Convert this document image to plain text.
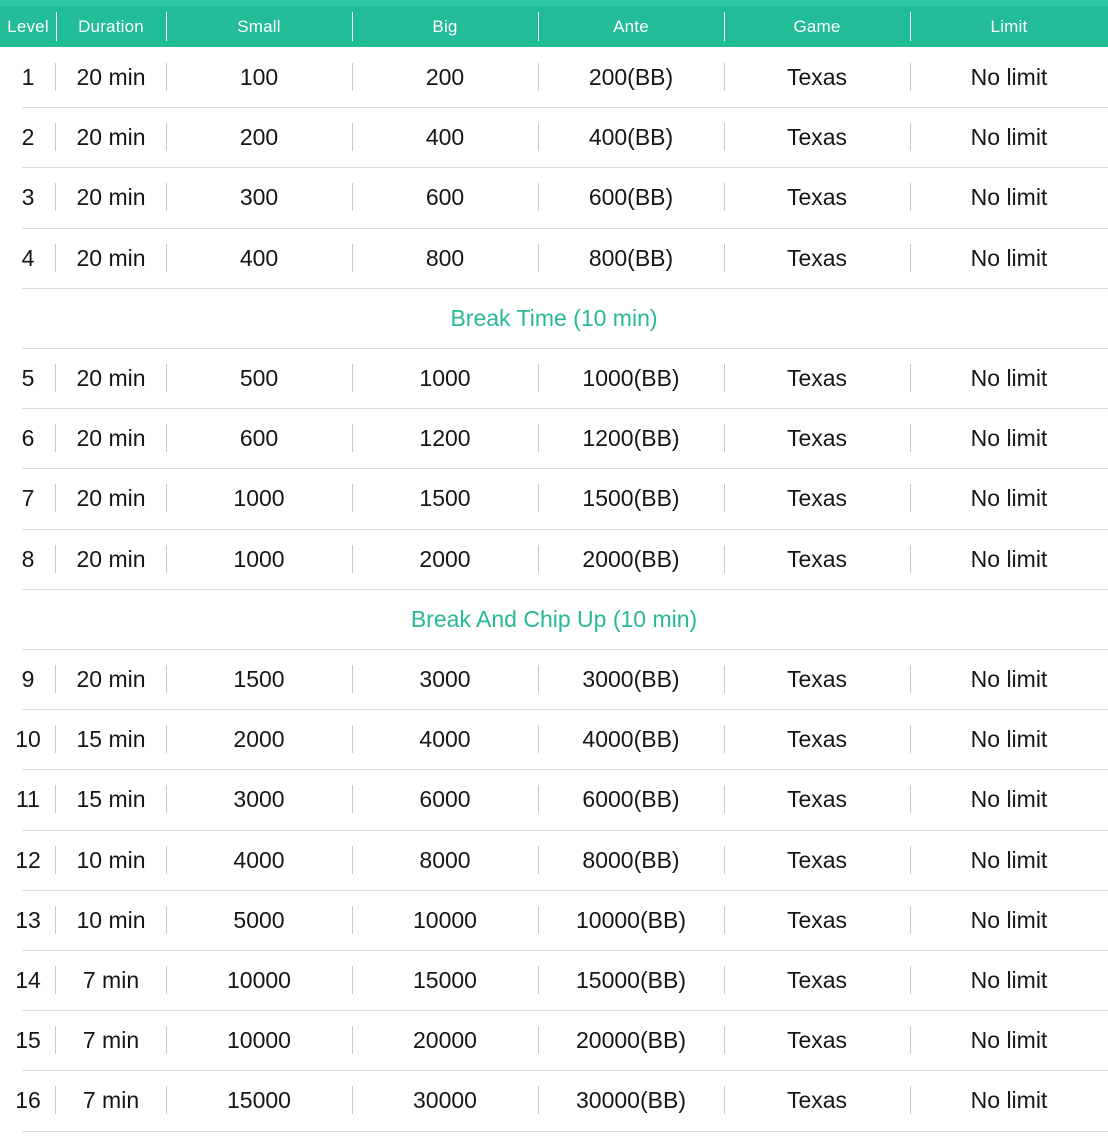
Level	Duration	Small	Big	Ante	Game	Limit
1	20 min	100	200	200(BB)	Texas	No limit
2	20 min	200	400	400(BB)	Texas	No limit
3	20 min	300	600	600(BB)	Texas	No limit
4	20 min	400	800	800(BB)	Texas	No limit
Break Time (10 min)
5	20 min	500	1000	1000(BB)	Texas	No limit
6	20 min	600	1200	1200(BB)	Texas	No limit
7	20 min	1000	1500	1500(BB)	Texas	No limit
8	20 min	1000	2000	2000(BB)	Texas	No limit
Break And Chip Up (10 min)
9	20 min	1500	3000	3000(BB)	Texas	No limit
10	15 min	2000	4000	4000(BB)	Texas	No limit
11	15 min	3000	6000	6000(BB)	Texas	No limit
12	10 min	4000	8000	8000(BB)	Texas	No limit
13	10 min	5000	10000	10000(BB)	Texas	No limit
14	7 min	10000	15000	15000(BB)	Texas	No limit
15	7 min	10000	20000	20000(BB)	Texas	No limit
16	7 min	15000	30000	30000(BB)	Texas	No limit
